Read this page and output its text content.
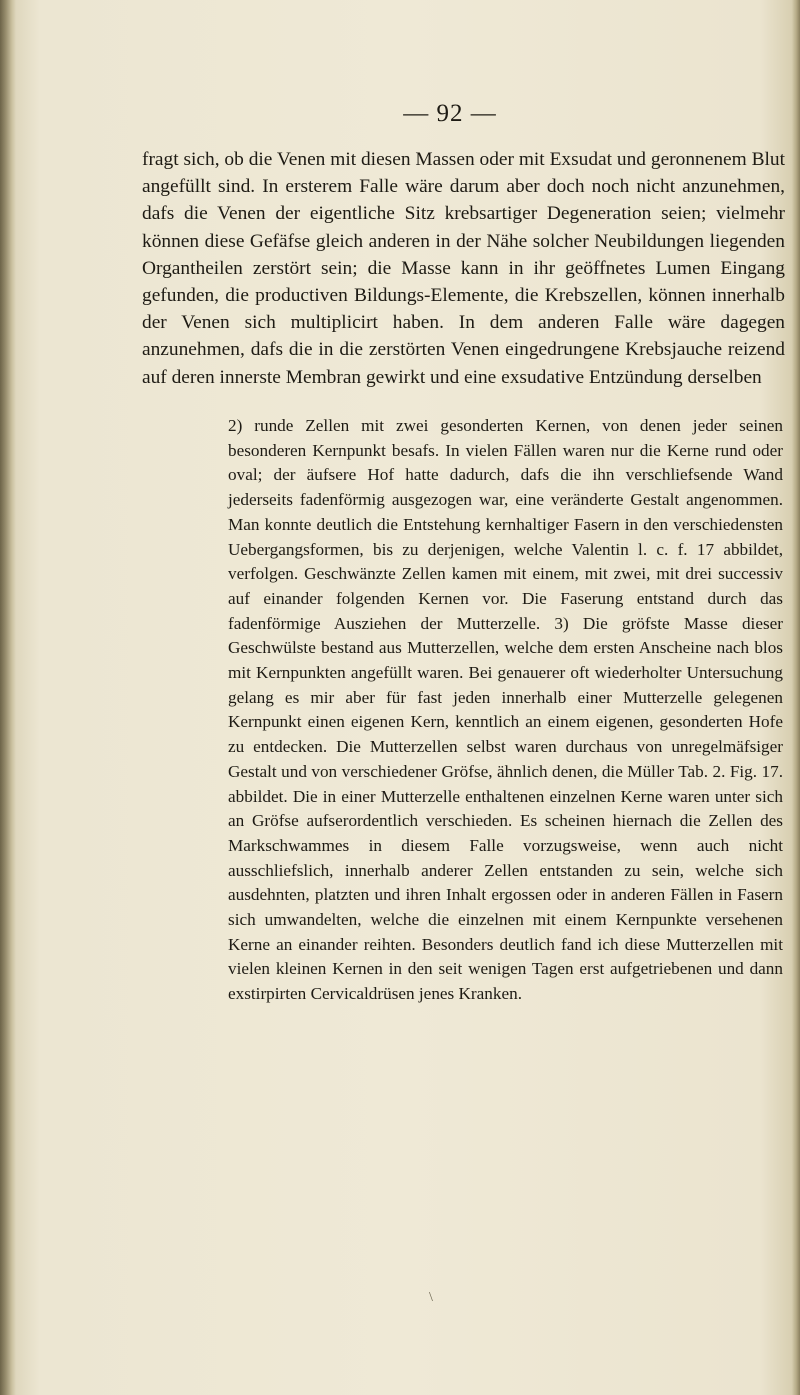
— 92 —

fragt sich, ob die Venen mit diesen Massen oder mit Exsudat und geronnenem Blut angefüllt sind. In ersterem Falle wäre darum aber doch noch nicht anzunehmen, dafs die Venen der eigentliche Sitz krebsartiger Degeneration seien; vielmehr können diese Gefäfse gleich anderen in der Nähe solcher Neubildungen liegenden Organtheilen zerstört sein; die Masse kann in ihr geöffnetes Lumen Eingang gefunden, die productiven Bildungs-Elemente, die Krebszellen, können innerhalb der Venen sich multiplicirt haben. In dem anderen Falle wäre dagegen anzunehmen, dafs die in die zerstörten Venen eingedrungene Krebsjauche reizend auf deren innerste Membran gewirkt und eine exsudative Entzündung derselben

2) runde Zellen mit zwei gesonderten Kernen, von denen jeder seinen besonderen Kernpunkt besafs. In vielen Fällen waren nur die Kerne rund oder oval; der äufsere Hof hatte dadurch, dafs die ihn verschliefsende Wand jederseits fadenförmig ausgezogen war, eine veränderte Gestalt angenommen. Man konnte deutlich die Entstehung kernhaltiger Fasern in den verschiedensten Uebergangsformen, bis zu derjenigen, welche Valentin l. c. f. 17 abbildet, verfolgen. Geschwänzte Zellen kamen mit einem, mit zwei, mit drei successiv auf einander folgenden Kernen vor. Die Faserung entstand durch das fadenförmige Ausziehen der Mutterzelle. 3) Die gröfste Masse dieser Geschwülste bestand aus Mutterzellen, welche dem ersten Anscheine nach blos mit Kernpunkten angefüllt waren. Bei genauerer oft wiederholter Untersuchung gelang es mir aber für fast jeden innerhalb einer Mutterzelle gelegenen Kernpunkt einen eigenen Kern, kenntlich an einem eigenen, gesonderten Hofe zu entdecken. Die Mutterzellen selbst waren durchaus von unregelmäfsiger Gestalt und von verschiedener Gröfse, ähnlich denen, die Müller Tab. 2. Fig. 17. abbildet. Die in einer Mutterzelle enthaltenen einzelnen Kerne waren unter sich an Gröfse aufserordentlich verschieden. Es scheinen hiernach die Zellen des Markschwammes in diesem Falle vorzugsweise, wenn auch nicht ausschliefslich, innerhalb anderer Zellen entstanden zu sein, welche sich ausdehnten, platzten und ihren Inhalt ergossen oder in anderen Fällen in Fasern sich umwandelten, welche die einzelnen mit einem Kernpunkte versehenen Kerne an einander reihten. Besonders deutlich fand ich diese Mutterzellen mit vielen kleinen Kernen in den seit wenigen Tagen erst aufgetriebenen und dann exstirpirten Cervicaldrüsen jenes Kranken.

\
